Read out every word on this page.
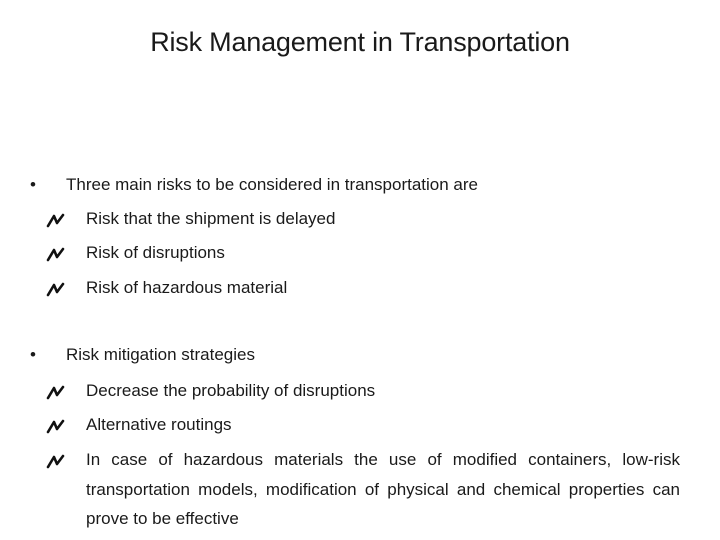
Risk Management in Transportation
• Three main risks to be considered in transportation are
Risk that the shipment is delayed
Risk of disruptions
Risk of hazardous material
• Risk mitigation strategies
Decrease the probability of disruptions
Alternative routings
In case of hazardous materials the use of modified containers, low-risk transportation models, modification of physical and chemical properties can prove to be effective
